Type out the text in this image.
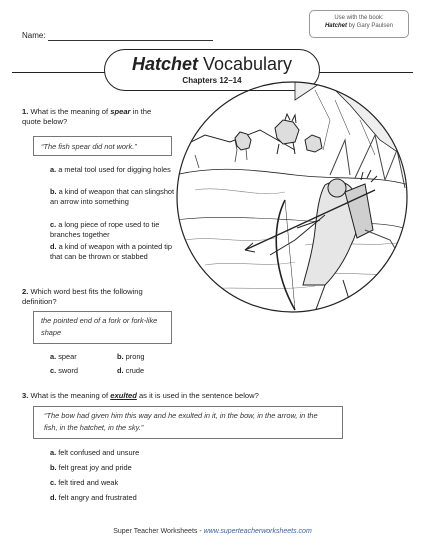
Name:
Use with the book:
Hatchet by Gary Paulsen
Hatchet Vocabulary
Chapters 12–14
1. What is the meaning of spear in the quote below?
“The fish spear did not work.”
a. a metal tool used for digging holes
b. a kind of weapon that can slingshot an arrow into something
c. a long piece of rope used to tie branches together
d. a kind of weapon with a pointed tip that can be thrown or stabbed
2. Which word best fits the following definition?
the pointed end of a fork or fork-like shape
a. spear	b. prong
c. sword	d. crude
3. What is the meaning of exulted as it is used in the sentence below?
“The bow had given him this way and he exulted in it, in the bow, in the arrow, in the fish, in the hatchet, in the sky.”
a. felt confused and unsure
b. felt great joy and pride
c. felt tired and weak
d. felt angry and frustrated
Super Teacher Worksheets - www.superteacherworksheets.com
